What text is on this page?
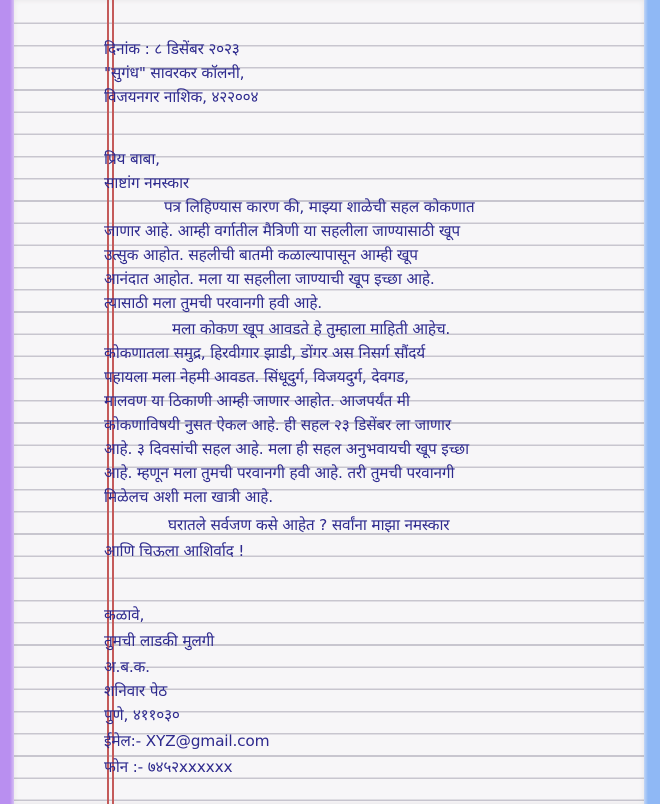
दिनांक : ८ डिसेंबर २०२३
"सुगंध" सावरकर कॉलनी,
विजयनगर नाशिक, ४२२००४
प्रिय बाबा,
साष्टांग नमस्कार
पत्र लिहिण्यास कारण की, माझ्या शाळेची सहल कोकणात
जाणार आहे. आम्ही वर्गातील मैत्रिणी या सहलीला जाण्यासाठी खूप
उत्सुक आहोत. सहलीची बातमी कळाल्यापासून आम्ही खूप
आनंदात आहोत. मला या सहलीला जाण्याची खूप इच्छा आहे.
त्यासाठी मला तुमची परवानगी हवी आहे.
मला कोकण खूप आवडते हे तुम्हाला माहिती आहेच.
कोकणातला समुद्र, हिरवीगार झाडी, डोंगर अस निसर्ग सौंदर्य
पहायला मला नेहमी आवडत. सिंधूदुर्ग, विजयदुर्ग, देवगड,
मालवण या ठिकाणी आम्ही जाणार आहोत. आजपर्यंत मी
कोकणाविषयी नुसत ऐकल आहे. ही सहल २३ डिसेंबर ला जाणार
आहे. ३ दिवसांची सहल आहे. मला ही सहल अनुभवायची खूप इच्छा
आहे. म्हणून मला तुमची परवानगी हवी आहे. तरी तुमची परवानगी
मिळेलच अशी मला खात्री आहे.
घरातले सर्वजण कसे आहेत ? सर्वांना माझा नमस्कार
आणि चिऊला आशिर्वाद !
कळावे,
तुमची लाडकी मुलगी
अ.ब.क.
शनिवार पेठ
पुणे, ४११०३०
ईमेल:- XYZ@gmail.com
फोन :- ७४५२xxxxxx
